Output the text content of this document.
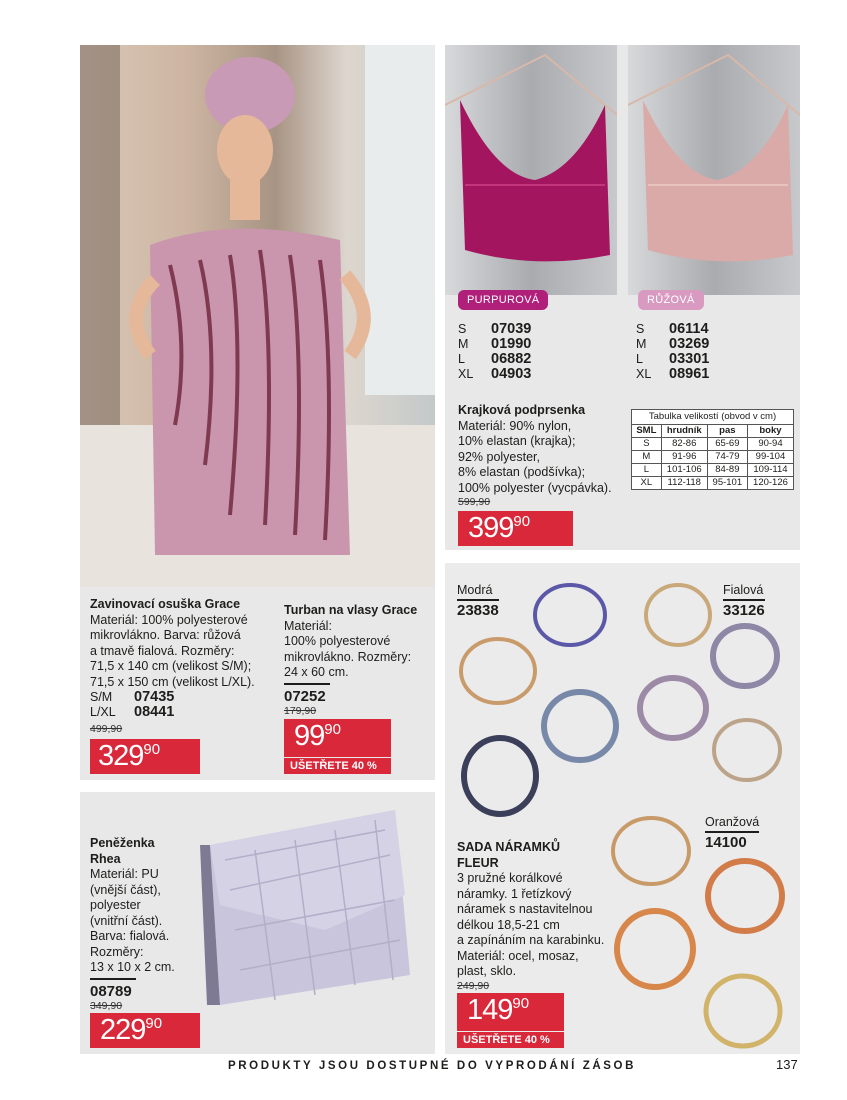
Zavinovací osuška Grace
Materiál: 100% polyesterové
mikrovlákno. Barva: růžová
a tmavě fialová. Rozměry:
71,5 x 140 cm (velikost S/M);
71,5 x 150 cm (velikost L/XL).
S/M	07435
L/XL	08441
499,90
32990
Turban na vlasy Grace
Materiál:
100% polyesterové
mikrovlákno. Rozměry:
24 x 60 cm.
07252
179,90
9990
UŠETŘETE 40 %
PURPUROVÁ	RŮŽOVÁ
S	07039
M	01990
L	06882
XL	04903
S	06114
M	03269
L	03301
XL	08961
Krajková podprsenka
Materiál: 90% nylon,
10% elastan (krajka);
92% polyester,
8% elastan (podšívka);
100% polyester (vycpávka).
599,90
39990
Tabulka velikostí (obvod v cm)			
SML	hrudník	pas	boky
S	82-86	65-69	90-94
M	91-96	74-79	99-104
L	101-106	84-89	109-114
XL	112-118	95-101	120-126
Peněženka
Rhea
Materiál: PU
(vnější část),
polyester
(vnitřní část).
Barva: fialová.
Rozměry:
13 x 10 x 2 cm.
08789
349,90
22990
Modrá
23838
Fialová
33126
Oranžová
14100
SADA NÁRAMKŮ
FLEUR
3 pružné korálkové
náramky. 1 řetízkový
náramek s nastavitelnou
délkou 18,5-21 cm
a zapínáním na karabinku.
Materiál: ocel, mosaz,
plast, sklo.
249,90
14990
UŠETŘETE 40 %
PRODUKTY JSOU DOSTUPNÉ DO VYPRODÁNÍ ZÁSOB	137
